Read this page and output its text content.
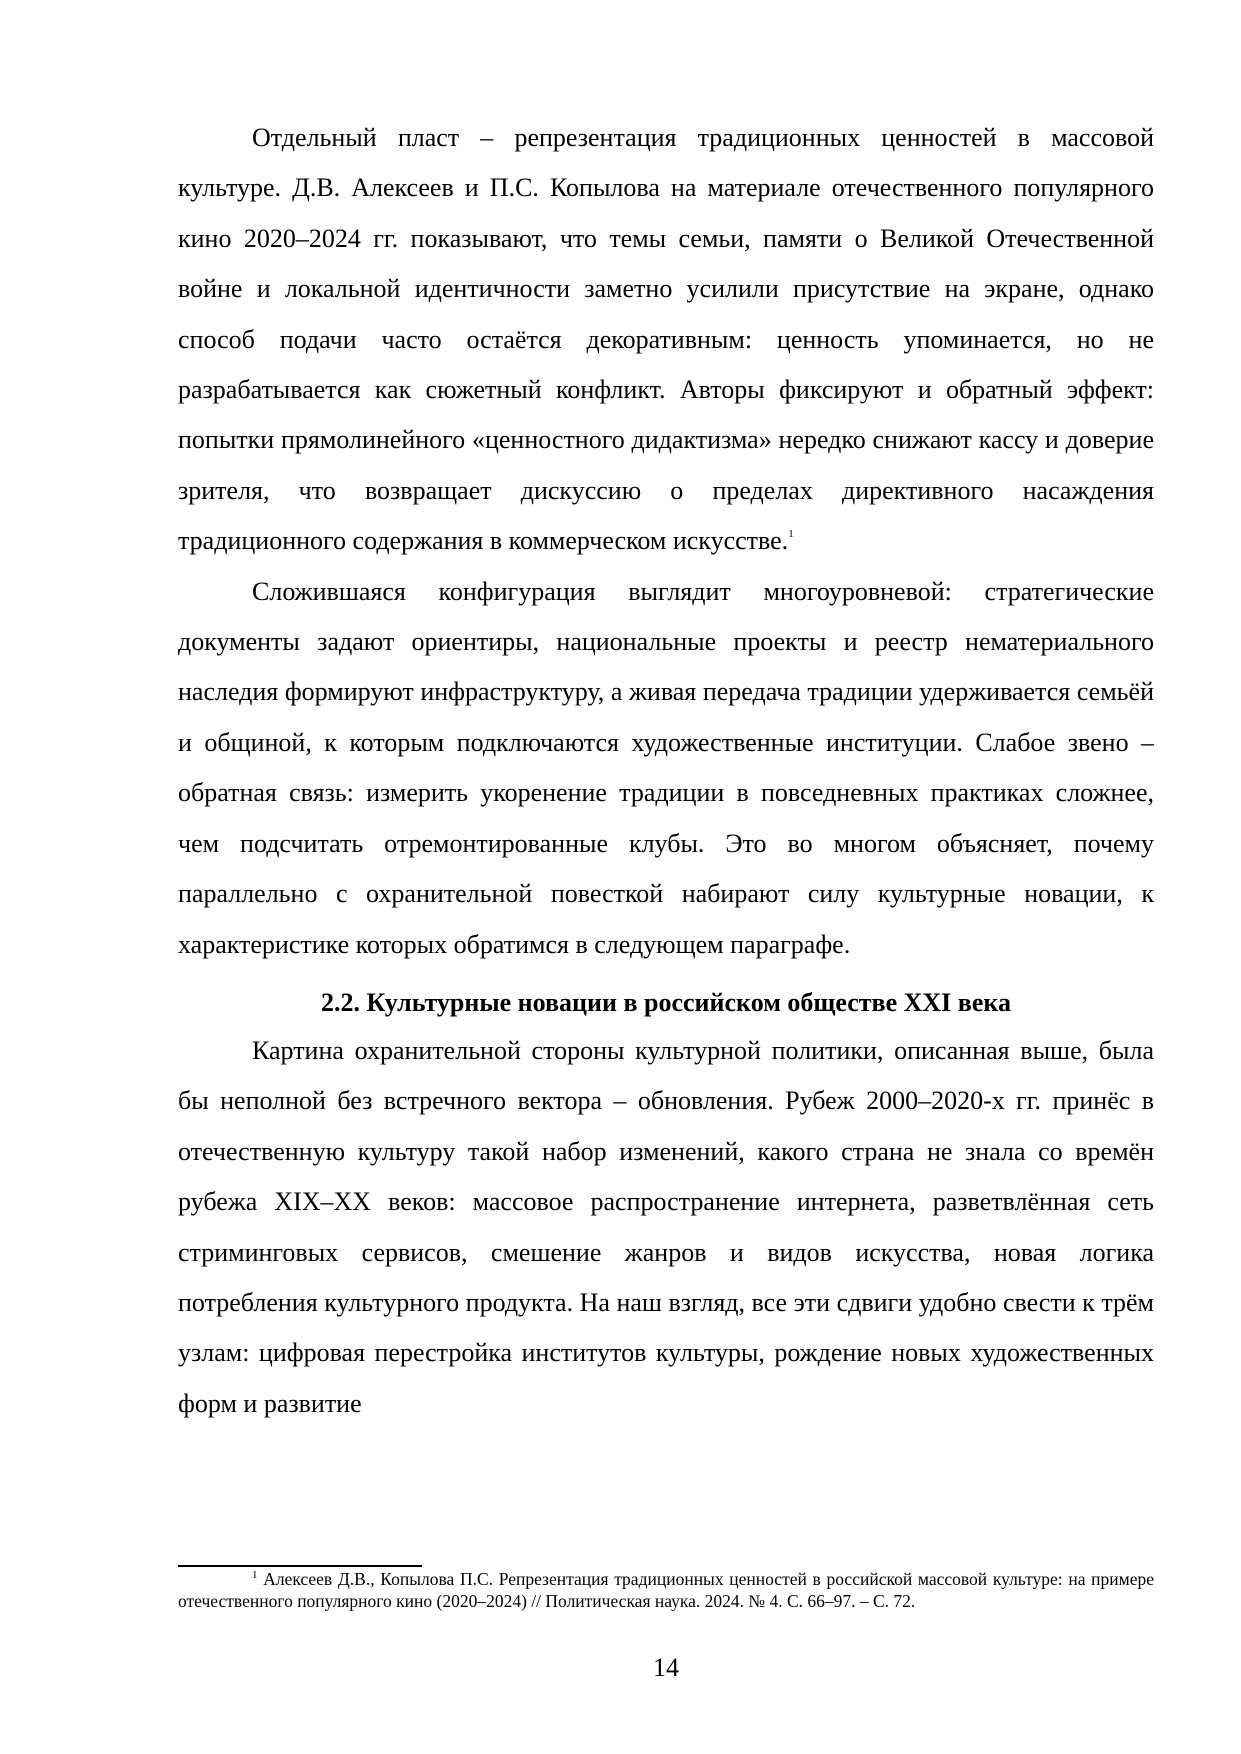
Отдельный пласт – репрезентация традиционных ценностей в массовой культуре. Д.В. Алексеев и П.С. Копылова на материале отечественного популярного кино 2020–2024 гг. показывают, что темы семьи, памяти о Великой Отечественной войне и локальной идентичности заметно усилили присутствие на экране, однако способ подачи часто остаётся декоративным: ценность упоминается, но не разрабатывается как сюжетный конфликт. Авторы фиксируют и обратный эффект: попытки прямолинейного «ценностного дидактизма» нередко снижают кассу и доверие зрителя, что возвращает дискуссию о пределах директивного насаждения традиционного содержания в коммерческом искусстве.$^1$

Сложившаяся конфигурация выглядит многоуровневой: стратегические документы задают ориентиры, национальные проекты и реестр нематериального наследия формируют инфраструктуру, а живая передача традиции удерживается семьёй и общиной, к которым подключаются художественные институции. Слабое звено – обратная связь: измерить укоренение традиции в повседневных практиках сложнее, чем подсчитать отремонтированные клубы. Это во многом объясняет, почему параллельно с охранительной повесткой набирают силу культурные новации, к характеристике которых обратимся в следующем параграфе.

2.2. Культурные новации в российском обществе XXI века

Картина охранительной стороны культурной политики, описанная выше, была бы неполной без встречного вектора – обновления. Рубеж 2000–2020-х гг. принёс в отечественную культуру такой набор изменений, какого страна не знала со времён рубежа XIX–XX веков: массовое распространение интернета, разветвлённая сеть стриминговых сервисов, смешение жанров и видов искусства, новая логика потребления культурного продукта. На наш взгляд, все эти сдвиги удобно свести к трём узлам: цифровая перестройка институтов культуры, рождение новых художественных форм и развитие

$^1$ Алексеев Д.В., Копылова П.С. Репрезентация традиционных ценностей в российской массовой культуре: на примере отечественного популярного кино (2020–2024) // Политическая наука. 2024. № 4. С. 66–97. – С. 72.

14
